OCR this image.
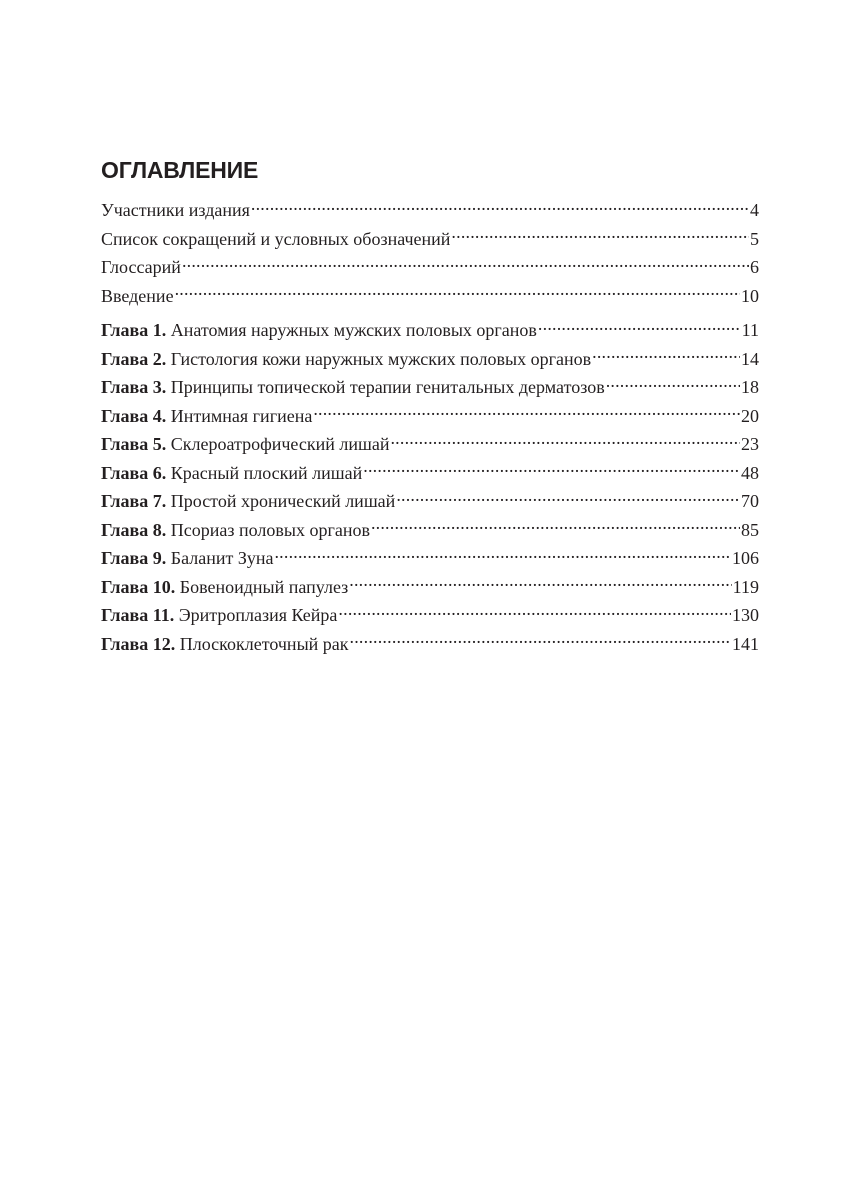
ОГЛАВЛЕНИЕ
Участники издания .....	4
Список сокращений и условных обозначений .....	5
Глоссарий .....	6
Введение .....	10
Глава 1. Анатомия наружных мужских половых органов .....	11
Глава 2. Гистология кожи наружных мужских половых органов .....	14
Глава 3. Принципы топической терапии генитальных дерматозов .....	18
Глава 4. Интимная гигиена .....	20
Глава 5. Склероатрофический лишай .....	23
Глава 6. Красный плоский лишай .....	48
Глава 7. Простой хронический лишай .....	70
Глава 8. Псориаз половых органов .....	85
Глава 9. Баланит Зуна .....	106
Глава 10. Бовеноидный папулез .....	119
Глава 11. Эритроплазия Кейра .....	130
Глава 12. Плоскоклеточный рак .....	141
